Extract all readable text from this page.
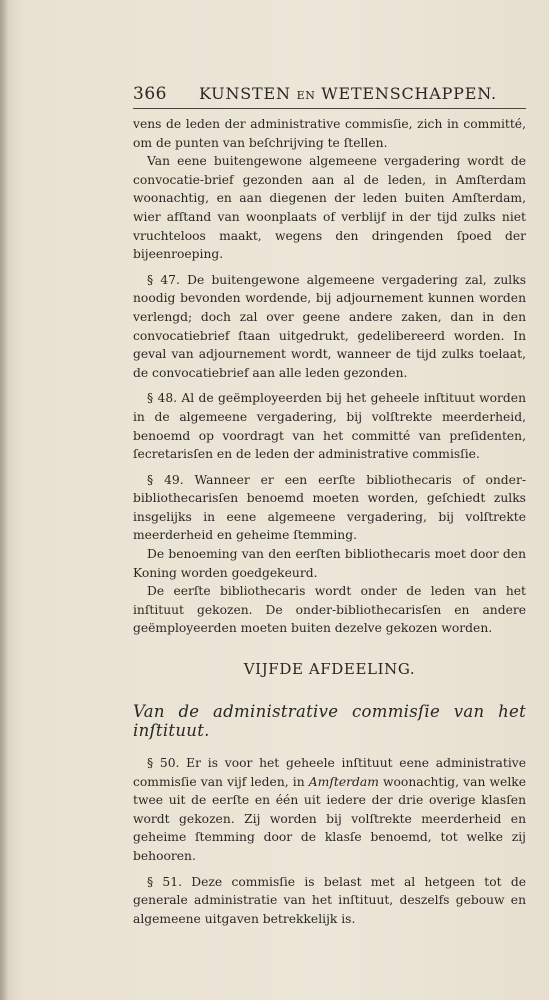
366 KUNSTEN EN WETENSCHAPPEN.

vens de leden der administrative commisſie, zich in committé, om de punten van beſchrijving te ſtellen.

Van eene buitengewone algemeene vergadering wordt de convocatie-brief gezonden aan al de leden, in Amſterdam woonachtig, en aan diegenen der leden buiten Amſterdam, wier afſtand van woonplaats of verblijf in der tijd zulks niet vruchteloos maakt, wegens den dringenden ſpoed der bijeenroeping.

§ 47. De buitengewone algemeene vergadering zal, zulks noodig bevonden wordende, bij adjournement kunnen worden verlengd; doch zal over geene andere zaken, dan in den convocatiebrief ſtaan uitgedrukt, gedelibereerd worden. In geval van adjournement wordt, wanneer de tijd zulks toelaat, de convocatiebrief aan alle leden gezonden.

§ 48. Al de geëmployeerden bij het geheele inſtituut worden in de algemeene vergadering, bij volſtrekte meerderheid, benoemd op voordragt van het committé van preſidenten, ſecretarisſen en de leden der administrative commisſie.

§ 49. Wanneer er een eerſte bibliothecaris of onder-bibliothecarisſen benoemd moeten worden, geſchiedt zulks insgelijks in eene algemeene vergadering, bij volſtrekte meerderheid en geheime ſtemming.

De benoeming van den eerſten bibliothecaris moet door den Koning worden goedgekeurd.

De eerſte bibliothecaris wordt onder de leden van het inſtituut gekozen. De onder-bibliothecarisſen en andere geëmployeerden moeten buiten dezelve gekozen worden.

VIJFDE AFDEELING.
Van de administrative commisſie van het inſtituut.

§ 50. Er is voor het geheele inſtituut eene administrative commisſie van vijf leden, in Amſterdam woonachtig, van welke twee uit de eerſte en één uit iedere der drie overige klasſen wordt gekozen. Zij worden bij volſtrekte meerderheid en geheime ſtemming door de klasſe benoemd, tot welke zij behooren.

§ 51. Deze commisſie is belast met al hetgeen tot de generale administratie van het inſtituut, deszelfs gebouw en algemeene uitgaven betrekkelijk is.
